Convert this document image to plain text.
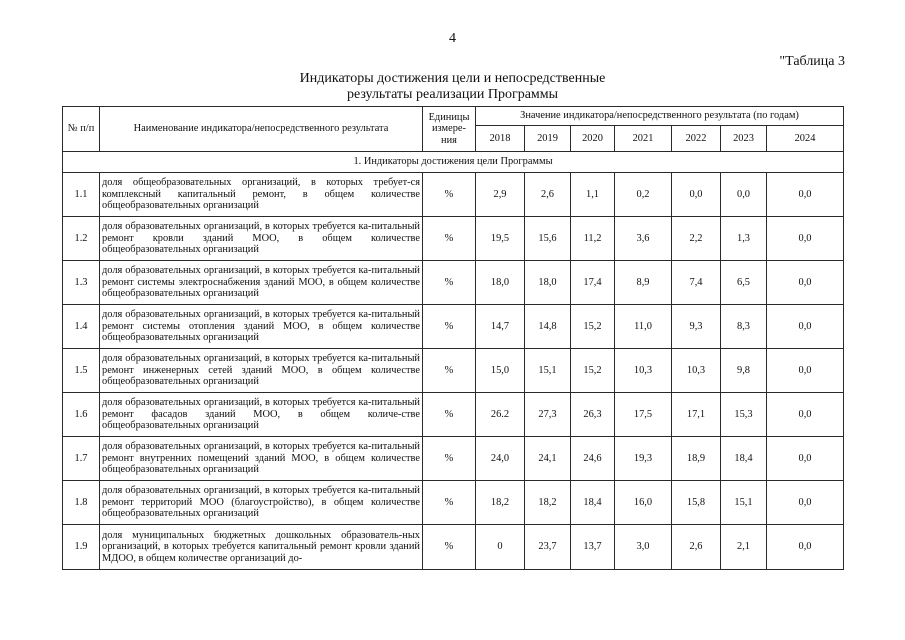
4
"Таблица 3
Индикаторы достижения цели и непосредственные
результаты реализации Программы
№ п/п	Наименование индикатора/непосредственного результата	Единицы измере-ния	Значение индикатора/непосредственного результата (по годам)						
			2018	2019	2020	2021	2022	2023	2024
1. Индикаторы достижения цели Программы									
1.1	доля общеобразовательных организаций, в которых требует-ся комплексный капитальный ремонт, в общем количестве общеобразовательных организаций	%	2,9	2,6	1,1	0,2	0,0	0,0	0,0
1.2	доля образовательных организаций, в которых требуется ка-питальный ремонт кровли зданий МОО, в общем количестве общеобразовательных организаций	%	19,5	15,6	11,2	3,6	2,2	1,3	0,0
1.3	доля образовательных организаций, в которых требуется ка-питальный ремонт системы электроснабжения зданий МОО, в общем количестве общеобразовательных организаций	%	18,0	18,0	17,4	8,9	7,4	6,5	0,0
1.4	доля образовательных организаций, в которых требуется ка-питальный ремонт системы отопления зданий МОО, в общем количестве общеобразовательных организаций	%	14,7	14,8	15,2	11,0	9,3	8,3	0,0
1.5	доля образовательных организаций, в которых требуется ка-питальный ремонт инженерных сетей зданий МОО, в общем количестве общеобразовательных организаций	%	15,0	15,1	15,2	10,3	10,3	9,8	0,0
1.6	доля образовательных организаций, в которых требуется ка-питальный ремонт фасадов зданий МОО, в общем количе-стве общеобразовательных организаций	%	26.2	27,3	26,3	17,5	17,1	15,3	0,0
1.7	доля образовательных организаций, в которых требуется ка-питальный ремонт внутренних помещений зданий МОО, в общем количестве общеобразовательных организаций	%	24,0	24,1	24,6	19,3	18,9	18,4	0,0
1.8	доля образовательных организаций, в которых требуется ка-питальный ремонт территорий МОО (благоустройство), в общем количестве общеобразовательных организаций	%	18,2	18,2	18,4	16,0	15,8	15,1	0,0
1.9	доля муниципальных бюджетных дошкольных образователь-ных организаций, в которых требуется капитальный ремонт кровли зданий МДОО, в общем количестве организаций до-	%	0	23,7	13,7	3,0	2,6	2,1	0,0
